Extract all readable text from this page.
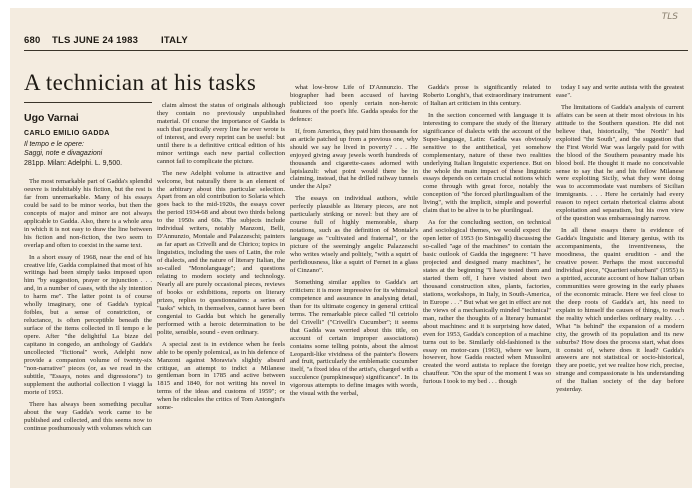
TLS
680 TLS JUNE 24 1983 ITALY
A technician at his tasks
Ugo Varnai
CARLO EMILIO GADDA
Il tempo e le opere:
Saggi, note e divagazioni
281pp. Milan: Adelphi. L. 9,500.

The most remarkable part of Gadda's splendid oeuvre is indubitably his fiction, but the rest is far from unremarkable. Many of his essays could be said to be minor works, but then the concepts of major and minor are not always applicable to Gadda. Also, there is a whole area in which it is not easy to draw the line between his fiction and non-fiction, the two seem to overlap and often to coexist in the same text.

In a short essay of 1968, near the end of his creative life, Gadda complained that most of his writings had been simply tasks imposed upon him "by suggestion, prayer or injunction . . . and, in a number of cases, with the sly intention to harm me". The latter point is of course wholly imaginary, one of Gadda's typical foibles, but a sense of constriction, or reluctance, is often perceptible beneath the surface of the items collected in Il tempo e le opere. After "the delightful La bizze del capitano in congedo, an anthology of Gadda's uncollected "fictional" work, Adelphi now provide a companion volume of twenty-six "non-narrative" pieces (or, as we read in the subtitle, "Essays, notes and digressions") to supplement the authorial collection I viaggi la morte of 1953.

There has always been something peculiar about the way Gadda's work came to be published and collected, and this seems now to continue posthumously with volumes which can

claim almost the status of originals although they contain no previously unpublished material. Of course the importance of Gadda is such that practically every line he ever wrote is of interest, and every reprint can be useful: but until there is a definitive critical edition of his minor writings each new partial collection cannot fail to complicate the picture.

The new Adelphi volume is attractive and welcome, but naturally there is an element of the arbitrary about this particular selection. Apart from an old contribution to Solaria which goes back to the mid-1920s, the essays cover the period 1934-68 and about two thirds belong to the 1950s and 60s. The subjects include individual writers, notably Manzoni, Belli, D'Annunzio, Montale and Palazzeschi; painters as far apart as Crivelli and de Chirico; topics in linguistics, including the uses of Latin, the role of dialects, and the nature of literary Italian, the so-called "Monolanguage"; and questions relating to modern society and technology. Nearly all are purely occasional pieces, reviews of books or exhibitions, reports on literary prizes, replies to questionnaires: a series of "tasks" which, in themselves, cannot have been congenial to Gadda but which he generally performed with a heroic determination to be polite, sensible, sound - even ordinary.

A special zest is in evidence when he feels able to be openly polemical, as in his defence of Manzoni against Moravia's slightly absurd critique, an attempt to indict a Milanese gentleman born in 1785 and active between 1815 and 1840, for not writing his novel in terms of the ideas and customs of 1959"; or when he ridicules the critics of Tom Antongini's some-

what low-brow Life of D'Annunzio. The biographer had been accused of having publicized too openly certain non-heroic features of the poet's life. Gadda speaks for the defence:

If, from America, they paid him thousands for an article patched up from a previous one, why should we say he lived in poverty? . . . He enjoyed giving away jewels worth hundreds of thousands and cigarette-cases adorned with lapislazuli: what point would there be in claiming, instead, that he drilled railway tunnels under the Alps?

The essays on individual authors, while perfectly plausible as literary pieces, are not particularly striking or novel: but they are of course full of highly memorable, sharp notations, such as the definition of Montale's language as "cultivated and fraternal", or the picture of the seemingly angelic Palazzeschi who writes wisely and politely, "with a squirt of perfidiousness, like a squirt of Fernet in a glass of Cinzano".

Something similar applies to Gadda's art criticism: it is more impressive for its whimsical competence and assurance in analysing detail, than for its ultimate cogency in general critical terms. The remarkable piece called "Il cetriolo del Crivelli" ("Crivelli's Cucumber"; it seems that Gadda was worried about this title, on account of certain improper associations) contains some telling points, about the almost Leopardi-like vividness of the painter's flowers and fruit, particularly the emblematic cucumber itself, "a fixed idea of the artist's, charged with a succulence (pumpkinesque) significance". In its vigorous attempts to define images with words, the visual with the verbal,

Gadda's prose is significantly related to Roberto Longhi's, that extraordinary instrument of Italian art criticism in this century.

In the section concerned with language it is interesting to compare the study of the literary significance of dialects with the account of the Super-language, Latin: Gadda was obviously sensitive to the antithetical, yet somehow complementary, nature of these two realities underlying Italian linguistic experience. But on the whole the main impact of these linguistic essays depends on certain crucial notions which come through with great force, notably the conception of "the forced plurilingualism of the living", with the implicit, simple and powerful claim that to be alive is to be plurilingual.

As for the concluding section, on technical and sociological themes, we would expect the open letter of 1953 (to Sinisgalli) discussing the so-called "age of the machines" to contain the basic outlook of Gadda the ingegnere: "I have projected and designed many machines", he states at the beginning "I have tested them and started them off, I have visited about two thousand construction sites, plants, factories, stations, workshops, in Italy, in South-America, in Europe . . ." But what we get in effect are not the views of a mechanically minded "technical" man, rather the thoughts of a literary humanist about machines: and it is surprising how dated, even for 1953, Gadda's conception of a machine turns out to be. Similarly old-fashioned is the essay on motor-cars (1963), where we learn, however, how Gadda reacted when Mussolini created the word autista to replace the foreign chauffeur. "On the spur of the moment I was so furious I took to my bed . . . though

today I say and write autista with the greatest ease".

The limitations of Gadda's analysis of current affairs can be seen at their most obvious in his attitude to the Southern question. He did not believe that, historically, "the North" had exploited "the South", and the suggestion that the First World War was largely paid for with the blood of the Southern peasantry made his blood boil. He thought it made no conceivable sense to say that he and his fellow Milanese were exploiting Sicily, what they were doing was to accommodate vast numbers of Sicilian immigrants. . . . Here he certainly had every reason to reject certain rhetorical claims about exploitation and separatism, but his own view of the question was embarrassingly narrow.

In all these essays there is evidence of Gadda's linguistic and literary genius, with its accompaniments, the inventiveness, the moodiness, the quaint erudition - and the creative power. Perhaps the most successful individual piece, "Quartieri suburbani" (1955) is a spirited, accurate account of how Italian urban communities were growing in the early phases of the economic miracle. Here we feel close to the deep roots of Gadda's art, his need to explain to himself the causes of things, to reach the reality which underlies ordinary reality. . . . What "is behind" the expansion of a modern city, the growth of its population and its new suburbs? How does the process start, what does it consist of, where does it lead? Gadda's answers are not statistical or socio-historical, they are poetic, yet we realize how rich, precise, strange and compassionate is his understanding of the Italian society of the day before yesterday.
